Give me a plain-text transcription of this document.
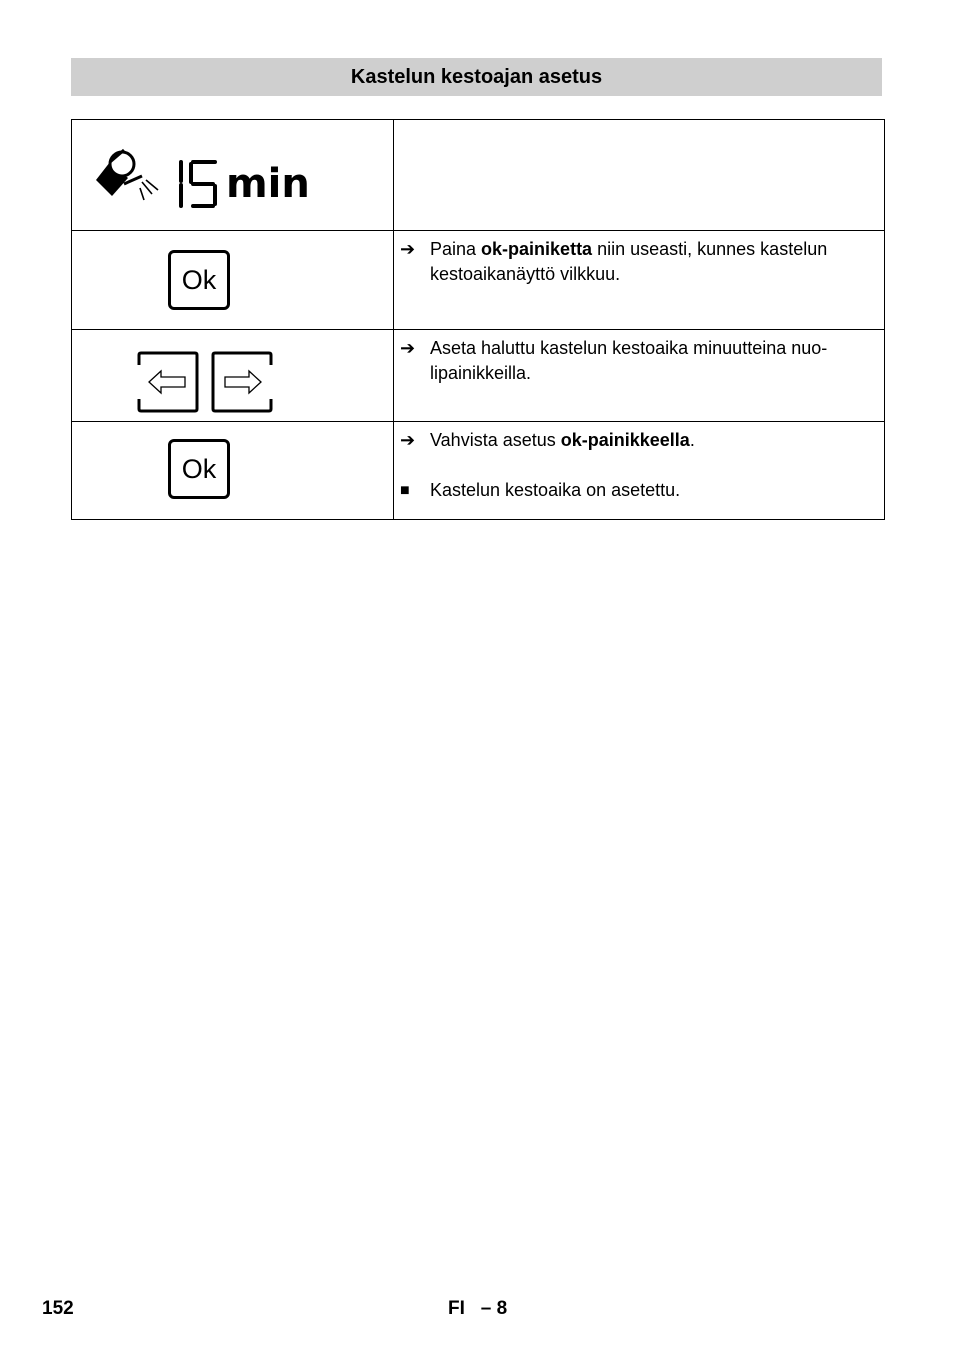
Kastelun kestoajan asetus
min	

Ok	➔ Paina ok-painiketta niin useasti, kunnes kastelun
kestoaikanäyttö vilkkuu.

➔ Aseta haluttu kastelun kestoaika minuutteina nuo-
lipainikkeilla.

Ok	➔ Vahvista asetus ok-painikkeella.
■ Kastelun kestoaika on asetettu.
152	FI   – 8
